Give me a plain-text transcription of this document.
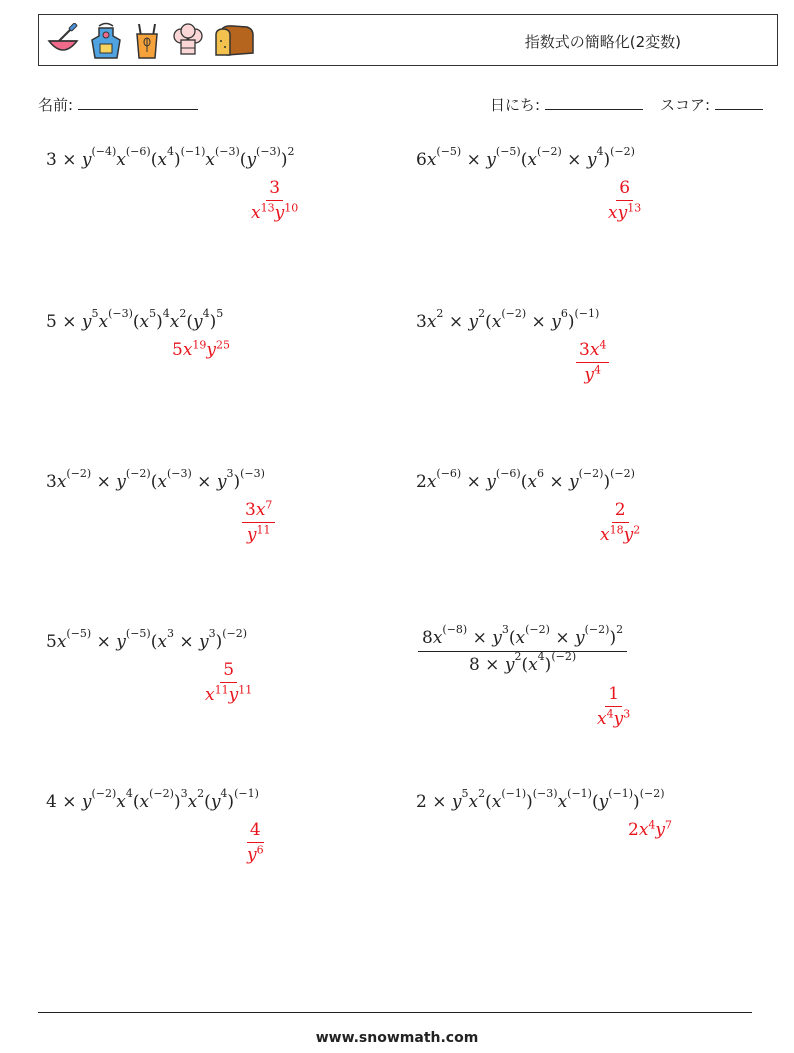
指数式の簡略化(2変数)
名前:	日にち:	スコア:
$3 \times y^{(-4)}x^{(-6)}(x^4)^{(-1)}x^{(-3)}(y^{(-3)})^2$
$\frac{3}{x^{13}y^{10}}$
$6x^{(-5)} \times y^{(-5)}(x^{(-2)} \times y^4)^{(-2)}$
$\frac{6}{xy^{13}}$
$5 \times y^5x^{(-3)}(x^5)^4x^2(y^4)^5$
$5x^{19}y^{25}$
$3x^2 \times y^2(x^{(-2)} \times y^6)^{(-1)}$
$\frac{3x^4}{y^4}$
$3x^{(-2)} \times y^{(-2)}(x^{(-3)} \times y^3)^{(-3)}$
$\frac{3x^7}{y^{11}}$
$2x^{(-6)} \times y^{(-6)}(x^6 \times y^{(-2)})^{(-2)}$
$\frac{2}{x^{18}y^2}$
$5x^{(-5)} \times y^{(-5)}(x^3 \times y^3)^{(-2)}$
$\frac{5}{x^{11}y^{11}}$
$\frac{8x^{(-8)} \times y^3(x^{(-2)} \times y^{(-2)})^2}{8 \times y^2(x^4)^{(-2)}}$
$\frac{1}{x^4y^3}$
$4 \times y^{(-2)}x^4(x^{(-2)})^3x^2(y^4)^{(-1)}$
$\frac{4}{y^6}$
$2 \times y^5x^2(x^{(-1)})^{(-3)}x^{(-1)}(y^{(-1)})^{(-2)}$
$2x^4y^7$
www.snowmath.com
